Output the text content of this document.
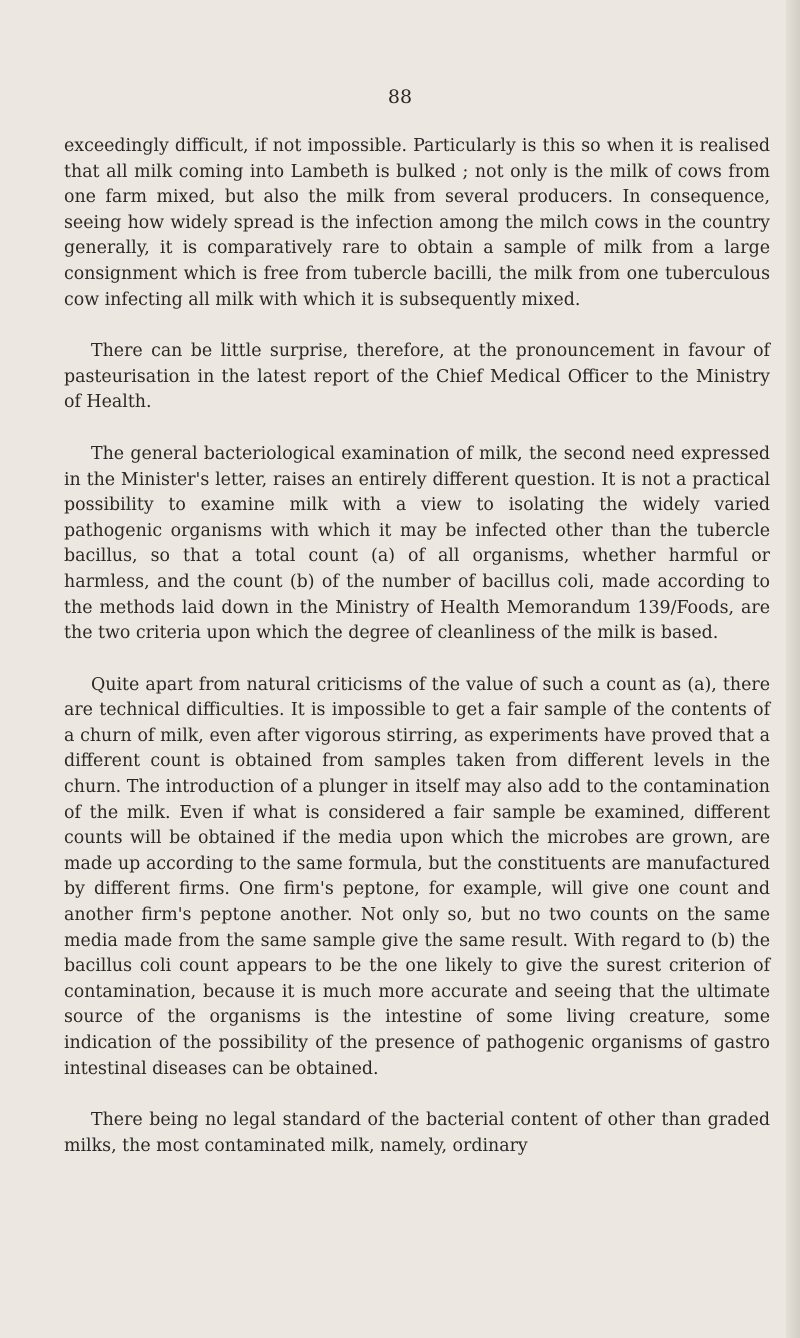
88

exceedingly difficult, if not impossible. Particularly is this so when it is realised that all milk coming into Lambeth is bulked ; not only is the milk of cows from one farm mixed, but also the milk from several producers. In consequence, seeing how widely spread is the infection among the milch cows in the country generally, it is comparatively rare to obtain a sample of milk from a large consignment which is free from tubercle bacilli, the milk from one tuberculous cow infecting all milk with which it is subsequently mixed.

There can be little surprise, therefore, at the pronouncement in favour of pasteurisation in the latest report of the Chief Medical Officer to the Ministry of Health.

The general bacteriological examination of milk, the second need expressed in the Minister's letter, raises an entirely different question. It is not a practical possibility to examine milk with a view to isolating the widely varied pathogenic organisms with which it may be infected other than the tubercle bacillus, so that a total count (a) of all organisms, whether harmful or harmless, and the count (b) of the number of bacillus coli, made according to the methods laid down in the Ministry of Health Memorandum 139/Foods, are the two criteria upon which the degree of cleanliness of the milk is based.

Quite apart from natural criticisms of the value of such a count as (a), there are technical difficulties. It is impossible to get a fair sample of the contents of a churn of milk, even after vigorous stirring, as experiments have proved that a different count is obtained from samples taken from different levels in the churn. The introduction of a plunger in itself may also add to the contamination of the milk. Even if what is considered a fair sample be examined, different counts will be obtained if the media upon which the microbes are grown, are made up according to the same formula, but the constituents are manufactured by different firms. One firm's peptone, for example, will give one count and another firm's peptone another. Not only so, but no two counts on the same media made from the same sample give the same result. With regard to (b) the bacillus coli count appears to be the one likely to give the surest criterion of contamination, because it is much more accurate and seeing that the ultimate source of the organisms is the intestine of some living creature, some indication of the possibility of the presence of pathogenic organisms of gastro intestinal diseases can be obtained.

There being no legal standard of the bacterial content of other than graded milks, the most contaminated milk, namely, ordinary
